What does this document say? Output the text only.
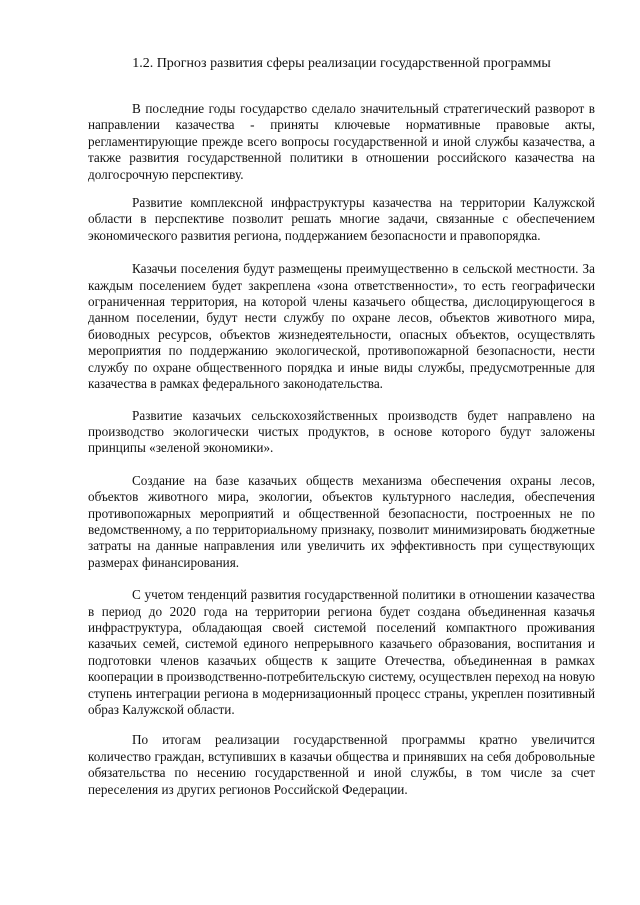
1.2. Прогноз развития сферы реализации государственной программы

В последние годы государство сделало значительный стратегический разворот в направлении казачества - приняты ключевые нормативные правовые акты, регламентирующие прежде всего вопросы государственной и иной службы казачества, а также развития государственной политики в отношении российского казачества на долгосрочную перспективу.

Развитие комплексной инфраструктуры казачества на территории Калужской области в перспективе позволит решать многие задачи, связанные с обеспечением экономического развития региона, поддержанием безопасности и правопорядка.

Казачьи поселения будут размещены преимущественно в сельской местности. За каждым поселением будет закреплена «зона ответственности», то есть географически ограниченная территория, на которой члены казачьего общества, дислоцирующегося в данном поселении, будут нести службу по охране лесов, объектов животного мира, биоводных ресурсов, объектов жизнедеятельности, опасных объектов, осуществлять мероприятия по поддержанию экологической, противопожарной безопасности, нести службу по охране общественного порядка и иные виды службы, предусмотренные для казачества в рамках федерального законодательства.

Развитие казачьих сельскохозяйственных производств будет направлено на производство экологически чистых продуктов, в основе которого будут заложены принципы «зеленой экономики».

Создание на базе казачьих обществ механизма обеспечения охраны лесов, объектов животного мира, экологии, объектов культурного наследия, обеспечения противопожарных мероприятий и общественной безопасности, построенных не по ведомственному, а по территориальному признаку, позволит минимизировать бюджетные затраты на данные направления или увеличить их эффективность при существующих размерах финансирования.

С учетом тенденций развития государственной политики в отношении казачества в период до 2020 года на территории региона будет создана объединенная казачья инфраструктура, обладающая своей системой поселений компактного проживания казачьих семей, системой единого непрерывного казачьего образования, воспитания и подготовки членов казачьих обществ к защите Отечества, объединенная в рамках кооперации в производственно-потребительскую систему, осуществлен переход на новую ступень интеграции региона в модернизационный процесс страны, укреплен позитивный образ Калужской области.

По итогам реализации государственной программы кратно увеличится количество граждан, вступивших в казачьи общества и принявших на себя добровольные обязательства по несению государственной и иной службы, в том числе за счет переселения из других регионов Российской Федерации.
